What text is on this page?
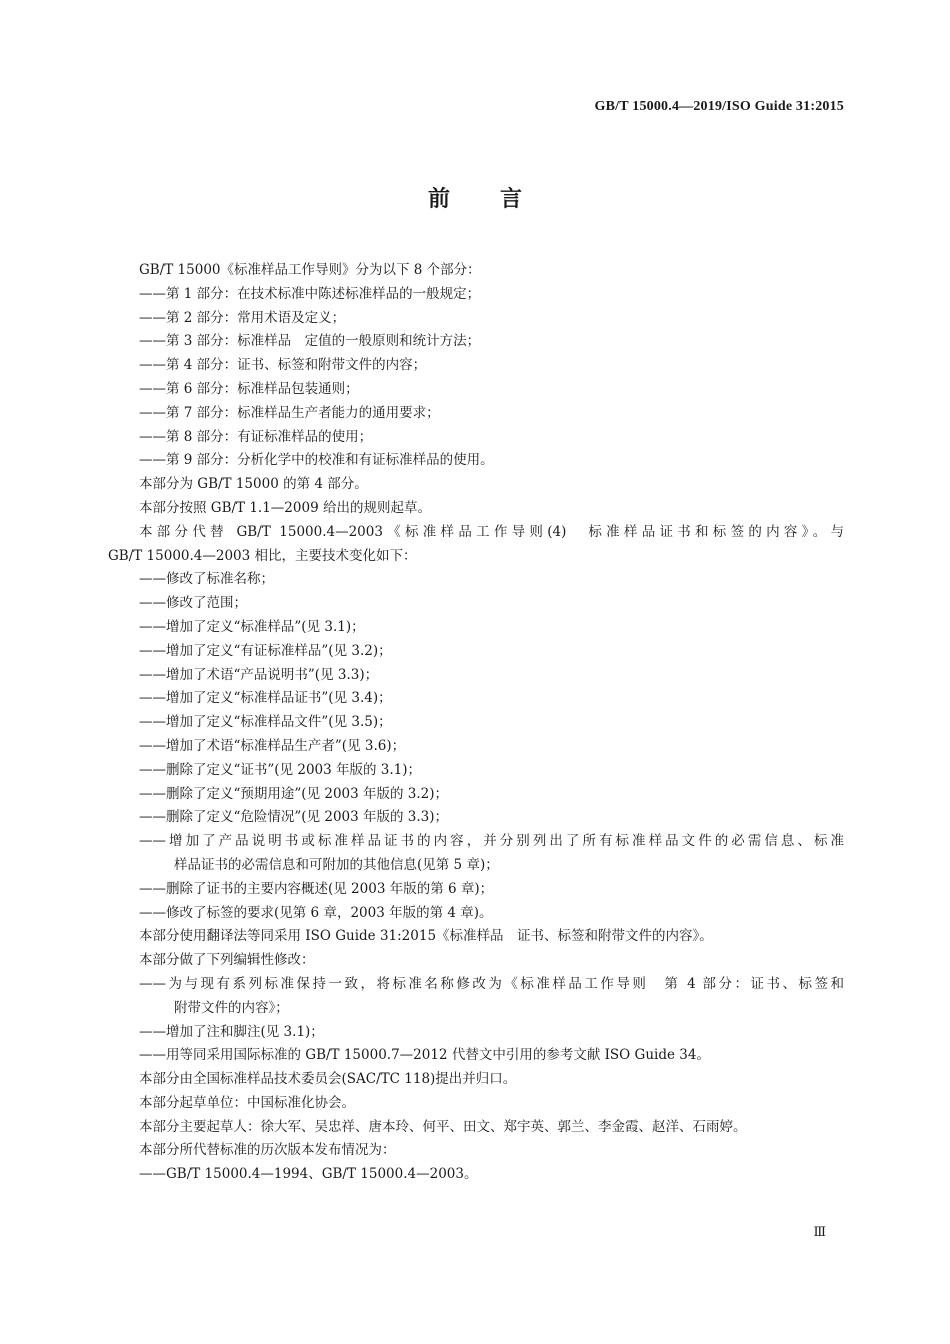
GB/T 15000.4—2019/ISO Guide 31:2015
前言
GB/T 15000《标准样品工作导则》分为以下 8 个部分：
——第 1 部分：在技术标准中陈述标准样品的一般规定；
——第 2 部分：常用术语及定义；
——第 3 部分：标准样品　定值的一般原则和统计方法；
——第 4 部分：证书、标签和附带文件的内容；
——第 6 部分：标准样品包装通则；
——第 7 部分：标准样品生产者能力的通用要求；
——第 8 部分：有证标准样品的使用；
——第 9 部分：分析化学中的校准和有证标准样品的使用。
本部分为 GB/T 15000 的第 4 部分。
本部分按照 GB/T 1.1—2009 给出的规则起草。
本部分代替 GB/T 15000.4—2003《标准样品工作导则(4)　标准样品证书和标签的内容》。与
GB/T 15000.4—2003 相比，主要技术变化如下：
——修改了标准名称；
——修改了范围；
——增加了定义“标准样品”(见 3.1)；
——增加了定义“有证标准样品”(见 3.2)；
——增加了术语“产品说明书”(见 3.3)；
——增加了定义“标准样品证书”(见 3.4)；
——增加了定义“标准样品文件”(见 3.5)；
——增加了术语“标准样品生产者”(见 3.6)；
——删除了定义“证书”(见 2003 年版的 3.1)；
——删除了定义“预期用途”(见 2003 年版的 3.2)；
——删除了定义“危险情况”(见 2003 年版的 3.3)；
——增加了产品说明书或标准样品证书的内容，并分别列出了所有标准样品文件的必需信息、标准
样品证书的必需信息和可附加的其他信息(见第 5 章)；
——删除了证书的主要内容概述(见 2003 年版的第 6 章)；
——修改了标签的要求(见第 6 章，2003 年版的第 4 章)。
本部分使用翻译法等同采用 ISO Guide 31:2015《标准样品　证书、标签和附带文件的内容》。
本部分做了下列编辑性修改：
——为与现有系列标准保持一致，将标准名称修改为《标准样品工作导则　第 4 部分：证书、标签和
附带文件的内容》；
——增加了注和脚注(见 3.1)；
——用等同采用国际标准的 GB/T 15000.7—2012 代替文中引用的参考文献 ISO Guide 34。
本部分由全国标准样品技术委员会(SAC/TC 118)提出并归口。
本部分起草单位：中国标准化协会。
本部分主要起草人：徐大军、吴忠祥、唐本玲、何平、田文、郑宇英、郭兰、李金霞、赵洋、石雨婷。
本部分所代替标准的历次版本发布情况为：
——GB/T 15000.4—1994、GB/T 15000.4—2003。
Ⅲ
